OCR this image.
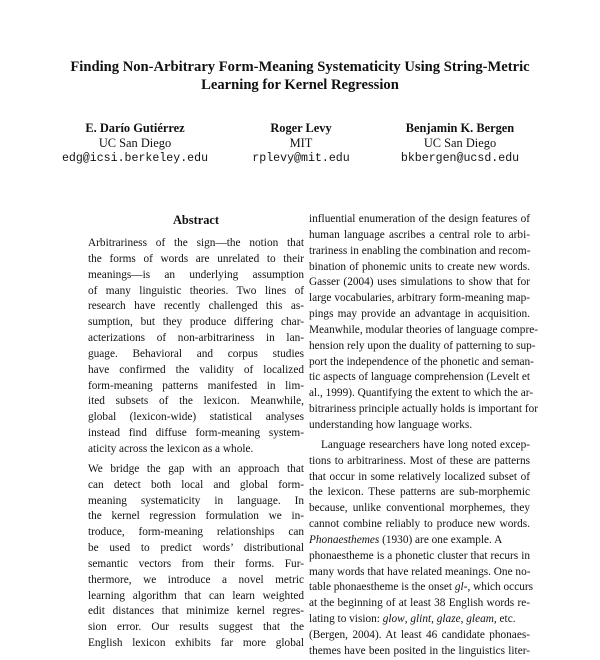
Finding Non-Arbitrary Form-Meaning Systematicity Using String-Metric
Learning for Kernel Regression
E. Darío Gutiérrez
UC San Diego
edg@icsi.berkeley.edu
Roger Levy
MIT
rplevy@mit.edu
Benjamin K. Bergen
UC San Diego
bkbergen@ucsd.edu
Abstract
Arbitrariness of the sign—the notion that
the forms of words are unrelated to their
meanings—is an underlying assumption
of many linguistic theories. Two lines of
research have recently challenged this as-
sumption, but they produce differing char-
acterizations of non-arbitrariness in lan-
guage. Behavioral and corpus studies
have confirmed the validity of localized
form-meaning patterns manifested in lim-
ited subsets of the lexicon. Meanwhile,
global (lexicon-wide) statistical analyses
instead find diffuse form-meaning system-
aticity across the lexicon as a whole.
We bridge the gap with an approach that
can detect both local and global form-
meaning systematicity in language. In
the kernel regression formulation we in-
troduce, form-meaning relationships can
be used to predict words’ distributional
semantic vectors from their forms. Fur-
thermore, we introduce a novel metric
learning algorithm that can learn weighted
edit distances that minimize kernel regres-
sion error. Our results suggest that the
English lexicon exhibits far more global
influential enumeration of the design features of
human language ascribes a central role to arbi-
trariness in enabling the combination and recom-
bination of phonemic units to create new words.
Gasser (2004) uses simulations to show that for
large vocabularies, arbitrary form-meaning map-
pings may provide an advantage in acquisition.
Meanwhile, modular theories of language compre-
hension rely upon the duality of patterning to sup-
port the independence of the phonetic and seman-
tic aspects of language comprehension (Levelt et
al., 1999). Quantifying the extent to which the ar-
bitrariness principle actually holds is important for
understanding how language works.
Language researchers have long noted excep-
tions to arbitrariness. Most of these are patterns
that occur in some relatively localized subset of
the lexicon. These patterns are sub-morphemic
because, unlike conventional morphemes, they
cannot combine reliably to produce new words.
Phonaesthemes (1930) are one example. A
phonaestheme is a phonetic cluster that recurs in
many words that have related meanings. One no-
table phonaestheme is the onset gl-, which occurs
at the beginning of at least 38 English words re-
lating to vision: glow, glint, glaze, gleam, etc.
(Bergen, 2004). At least 46 candidate phonaes-
themes have been posited in the linguistics liter-
